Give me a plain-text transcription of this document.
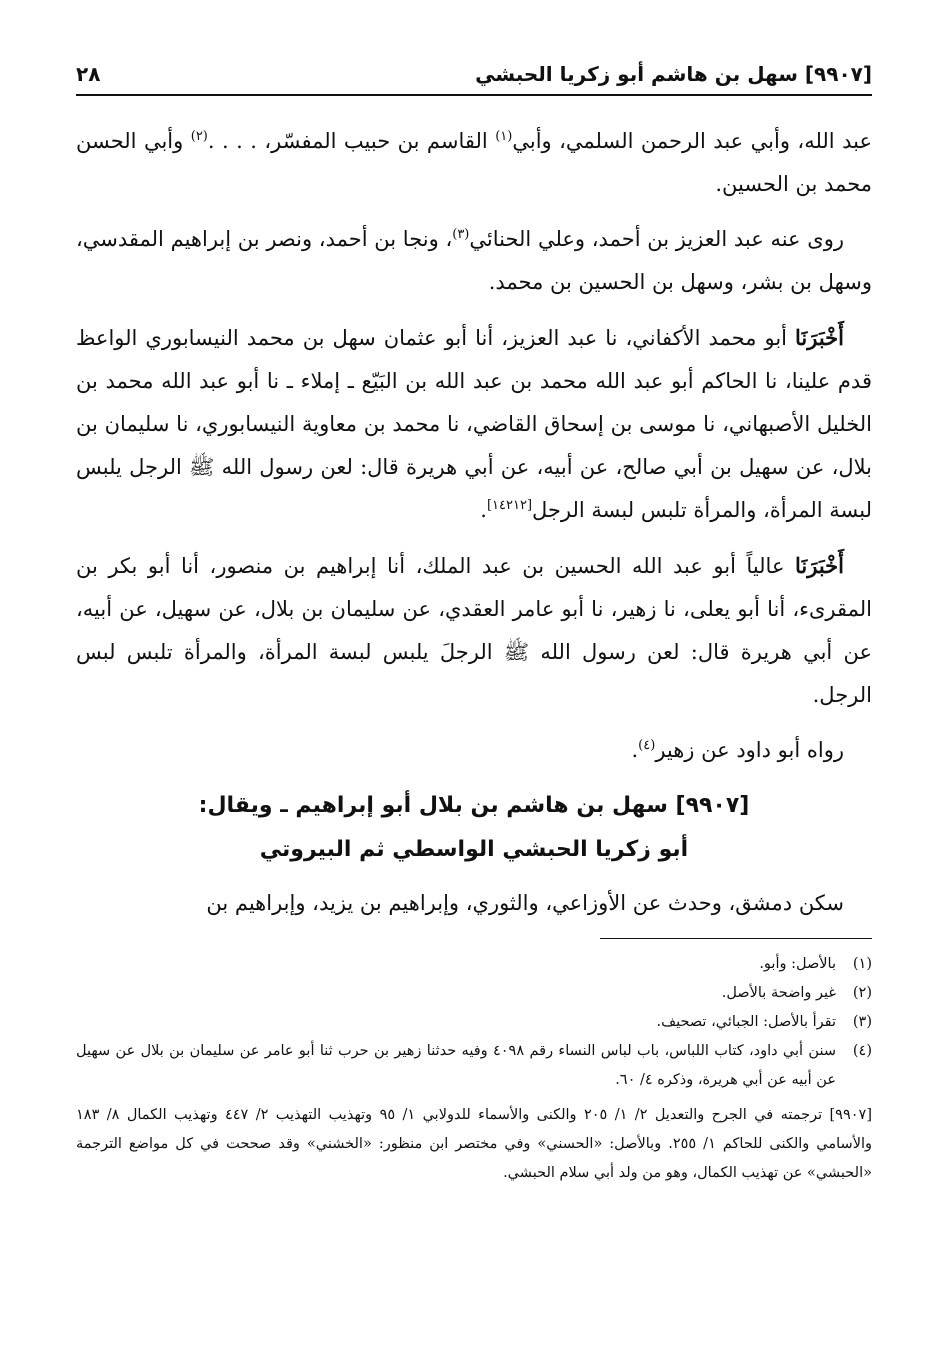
[٩٩٠٧] سهل بن هاشم أبو زكريا الحبشي
٢٨

عبد الله، وأبي عبد الرحمن السلمي، وأبي$^{(١)}$ القاسم بن حبيب المفسّر، . . . .$^{(٢)}$ وأبي الحسن محمد بن الحسين.

روى عنه عبد العزيز بن أحمد، وعلي الحنائي$^{(٣)}$، ونجا بن أحمد، ونصر بن إبراهيم المقدسي، وسهل بن بشر، وسهل بن الحسين بن محمد.

أَخْبَرَنَا أبو محمد الأكفاني، نا عبد العزيز، أنا أبو عثمان سهل بن محمد النيسابوري الواعظ قدم علينا، نا الحاكم أبو عبد الله محمد بن عبد الله بن البَيّع ـ إملاء ـ نا أبو عبد الله محمد بن الخليل الأصبهاني، نا موسى بن إسحاق القاضي، نا محمد بن معاوية النيسابوري، نا سليمان بن بلال، عن سهيل بن أبي صالح، عن أبيه، عن أبي هريرة قال: لعن رسول الله ﷺ الرجل يلبس لبسة المرأة، والمرأة تلبس لبسة الرجل[١٤٢١٢].

أَخْبَرَنَا عالياً أبو عبد الله الحسين بن عبد الملك، أنا إبراهيم بن منصور، أنا أبو بكر بن المقرىء، أنا أبو يعلى، نا زهير، نا أبو عامر العقدي، عن سليمان بن بلال، عن سهيل، عن أبيه، عن أبي هريرة قال: لعن رسول الله ﷺ الرجلَ يلبس لبسة المرأة، والمرأة تلبس لبس الرجل.

رواه أبو داود عن زهير$^{(٤)}$.

[٩٩٠٧] سهل بن هاشم بن بلال أبو إبراهيم ـ ويقال:
أبو زكريا الحبشي الواسطي ثم البيروتي

سكن دمشق، وحدث عن الأوزاعي، والثوري، وإبراهيم بن يزيد، وإبراهيم بن

(١)
بالأصل: وأبو.
(٢)
غير واضحة بالأصل.
(٣)
تقرأ بالأصل: الجبائي، تصحيف.
(٤)
سنن أبي داود، كتاب اللباس، باب لباس النساء رقم ٤٠٩٨ وفيه حدثنا زهير بن حرب ثنا أبو عامر عن سليمان بن بلال عن سهيل عن أبيه عن أبي هريرة، وذكره ٤/ ٦٠.
[٩٩٠٧] ترجمته في الجرح والتعديل ٢/ ١/ ٢٠٥ والكنى والأسماء للدولابي ١/ ٩٥ وتهذيب التهذيب ٢/ ٤٤٧ وتهذيب الكمال ٨/ ١٨٣ والأسامي والكنى للحاكم ١/ ٢٥٥. وبالأصل: «الحسني» وفي مختصر ابن منظور: «الخشني» وقد صححت في كل مواضع الترجمة «الحبشي» عن تهذيب الكمال، وهو من ولد أبي سلام الحبشي.
